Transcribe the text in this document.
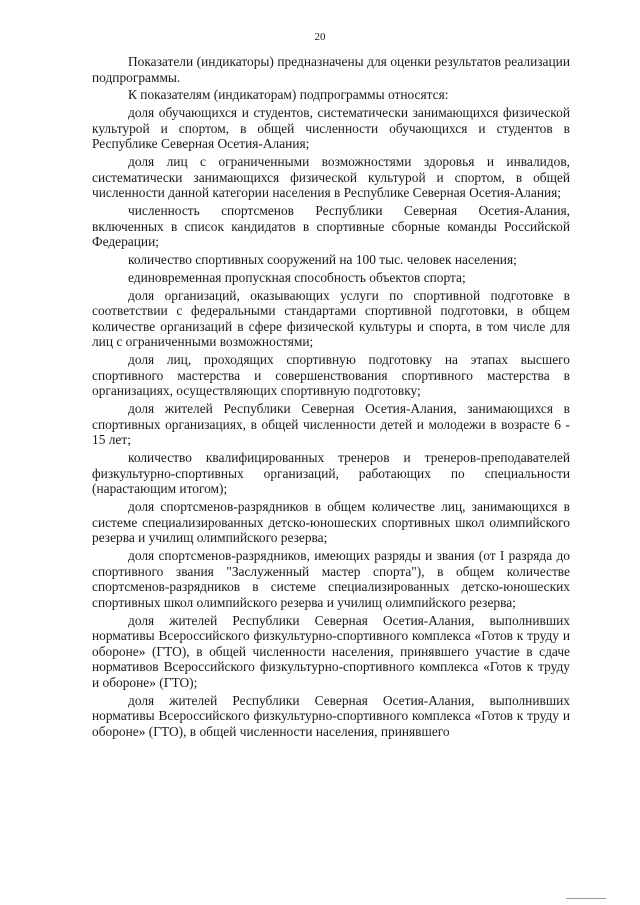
20

Показатели (индикаторы) предназначены для оценки результатов реализации подпрограммы.

К показателям (индикаторам) подпрограммы относятся:

доля обучающихся и студентов, систематически занимающихся физической культурой и спортом, в общей численности обучающихся и студентов в Республике Северная Осетия-Алания;

доля лиц с ограниченными возможностями здоровья и инвалидов, систематически занимающихся физической культурой и спортом, в общей численности данной категории населения в Республике Северная Осетия-Алания;

численность спортсменов Республики Северная Осетия-Алания, включенных в список кандидатов в спортивные сборные команды Российской Федерации;

количество спортивных сооружений на 100 тыс. человек населения;

единовременная пропускная способность объектов спорта;

доля организаций, оказывающих услуги по спортивной подготовке в соответствии с федеральными стандартами спортивной подготовки, в общем количестве организаций в сфере физической культуры и спорта, в том числе для лиц с ограниченными возможностями;

доля лиц, проходящих спортивную подготовку на этапах высшего спортивного мастерства и совершенствования спортивного мастерства в организациях, осуществляющих спортивную подготовку;

доля жителей Республики Северная Осетия-Алания, занимающихся в спортивных организациях, в общей численности детей и молодежи в возрасте 6 - 15 лет;

количество квалифицированных тренеров и тренеров-преподавателей физкультурно-спортивных организаций, работающих по специальности (нарастающим итогом);

доля спортсменов-разрядников в общем количестве лиц, занимающихся в системе специализированных детско-юношеских спортивных школ олимпийского резерва и училищ олимпийского резерва;

доля спортсменов-разрядников, имеющих разряды и звания (от I разряда до спортивного звания "Заслуженный мастер спорта"), в общем количестве спортсменов-разрядников в системе специализированных детско-юношеских спортивных школ олимпийского резерва и училищ олимпийского резерва;

доля жителей Республики Северная Осетия-Алания, выполнивших нормативы Всероссийского физкультурно-спортивного комплекса «Готов к труду и обороне» (ГТО), в общей численности населения, принявшего участие в сдаче нормативов Всероссийского физкультурно-спортивного комплекса «Готов к труду и обороне» (ГТО);

доля жителей Республики Северная Осетия-Алания, выполнивших нормативы Всероссийского физкультурно-спортивного комплекса «Готов к труду и обороне» (ГТО), в общей численности населения, принявшего
